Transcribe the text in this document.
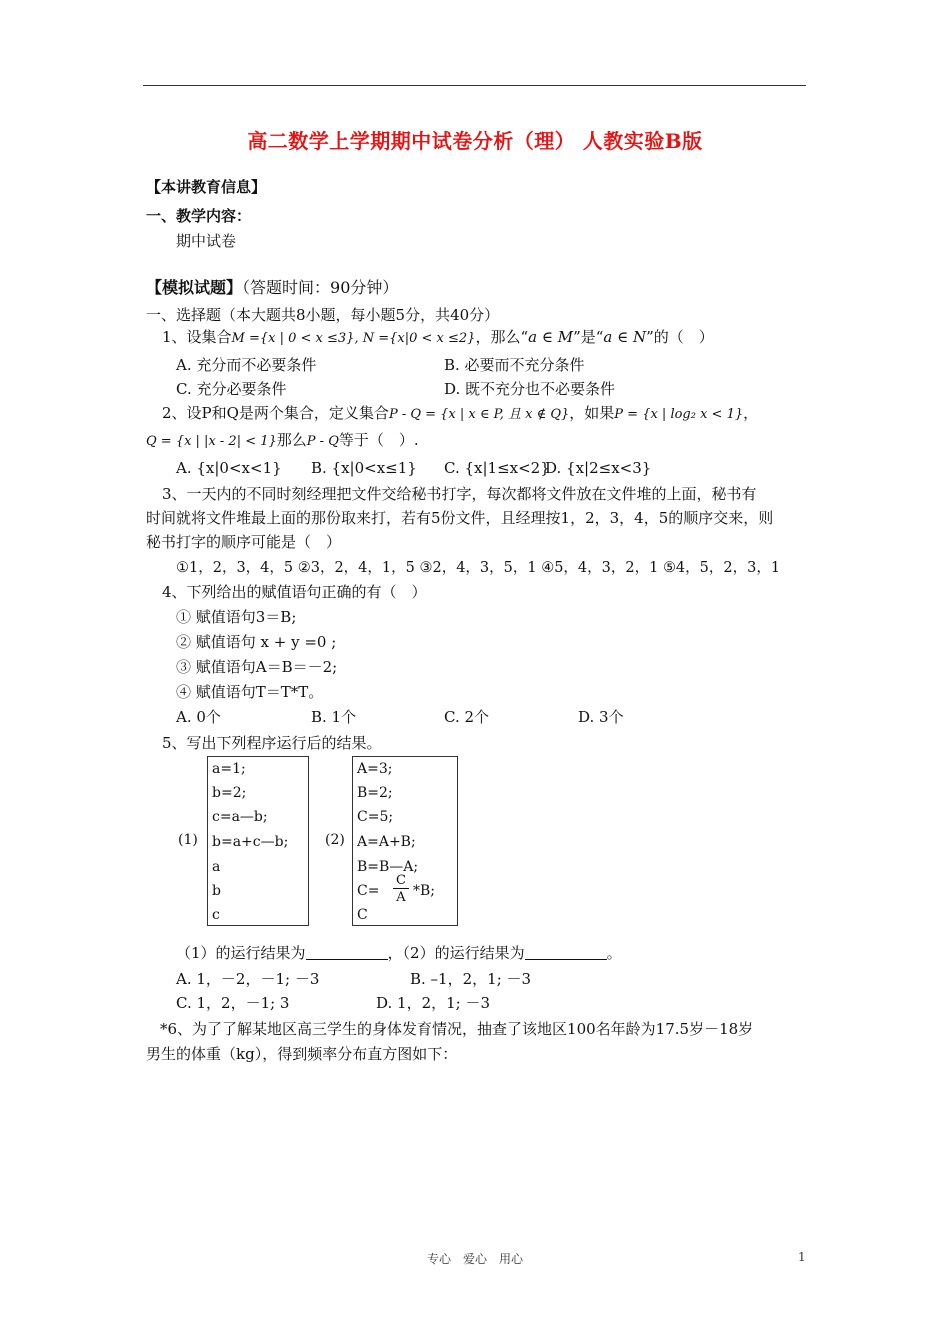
高二数学上学期期中试卷分析（理） 人教实验B版
【本讲教育信息】
一、教学内容：
期中试卷
【模拟试题】（答题时间：90分钟）
一、选择题（本大题共8小题，每小题5分，共40分）
1、设集合M ={x | 0 < x ≤3}, N ={x|0 < x ≤2}，那么“a ∈ M”是“a ∈ N”的（　）
A. 充分而不必要条件	B. 必要而不充分条件
C. 充分必要条件	D. 既不充分也不必要条件
2、设P和Q是两个集合，定义集合P - Q = {x | x ∈ P, 且 x ∉ Q}，如果P = {x | log₂ x < 1}，
Q = {x | |x - 2| < 1}那么P - Q等于（　）.
A. {x|0<x<1} B. {x|0<x≤1} C. {x|1≤x<2}
D. {x|2≤x<3}
3、一天内的不同时刻经理把文件交给秘书打字，每次都将文件放在文件堆的上面，秘书有
时间就将文件堆最上面的那份取来打，若有5份文件，且经理按1，2，3，4，5的顺序交来，则
秘书打字的顺序可能是（　）
①1，2，3，4，5 ②3，2，4，1，5 ③2，4，3，5，1 ④5，4，3，2，1 ⑤4，5，2，3，1
4、下列给出的赋值语句正确的有（　）
① 赋值语句3＝B;
② 赋值语句 x + y =0 ;
③ 赋值语句A＝B＝－2;
④ 赋值语句T＝T*T。
A. 0个	B. 1个	C. 2个	D. 3个
5、写出下列程序运行后的结果。
(1)
a=1;
b=2;
c=a—b;
b=a+c—b;
a
b
c
(2)
A=3;
B=2;
C=5;
A=A+B;
B=B—A;
C=
C
A *B;
C
（1）的运行结果为	，（2）的运行结果为	。
A. 1，－2，－1; －3	B. –1，2，1; －3
C. 1，2，－1; 3	D. 1，2，1; －3
*6、为了了解某地区高三学生的身体发育情况，抽查了该地区100名年龄为17.5岁－18岁
男生的体重（kg），得到频率分布直方图如下：
专心　爱心　用心	1
